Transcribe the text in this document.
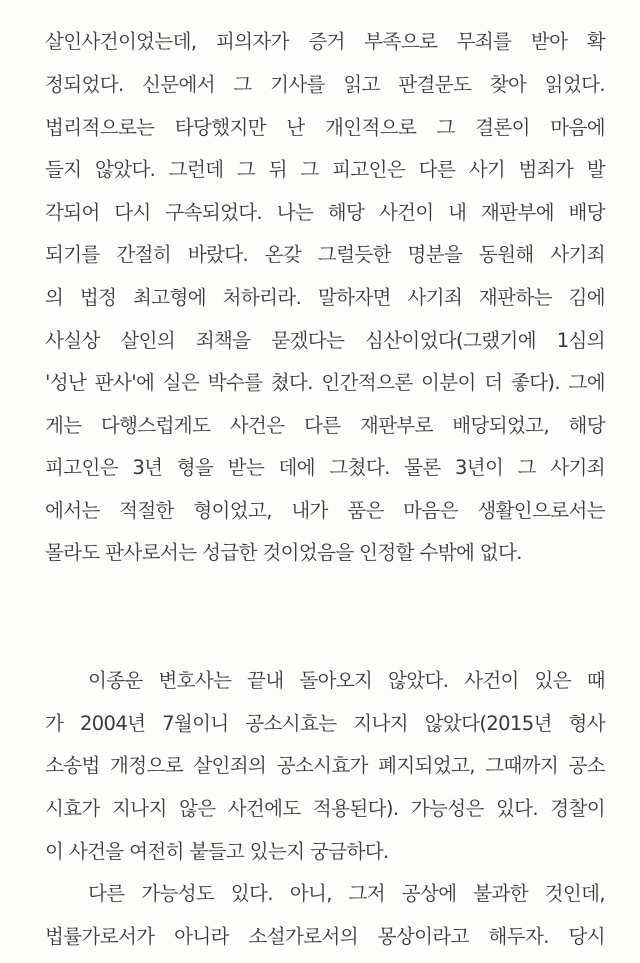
살인사건이었는데, 피의자가 증거 부족으로 무죄를 받아 확
정되었다. 신문에서 그 기사를 읽고 판결문도 찾아 읽었다.
법리적으로는 타당했지만 난 개인적으로 그 결론이 마음에
들지 않았다. 그런데 그 뒤 그 피고인은 다른 사기 범죄가 발
각되어 다시 구속되었다. 나는 해당 사건이 내 재판부에 배당
되기를 간절히 바랐다. 온갖 그럴듯한 명분을 동원해 사기죄
의 법정 최고형에 처하리라. 말하자면 사기죄 재판하는 김에
사실상 살인의 죄책을 묻겠다는 심산이었다(그랬기에 1심의
'성난 판사'에 실은 박수를 쳤다. 인간적으론 이분이 더 좋다). 그에
게는 다행스럽게도 사건은 다른 재판부로 배당되었고, 해당
피고인은 3년 형을 받는 데에 그쳤다. 물론 3년이 그 사기죄
에서는 적절한 형이었고, 내가 품은 마음은 생활인으로서는
몰라도 판사로서는 성급한 것이었음을 인정할 수밖에 없다.
이종운 변호사는 끝내 돌아오지 않았다. 사건이 있은 때
가 2004년 7월이니 공소시효는 지나지 않았다(2015년 형사
소송법 개정으로 살인죄의 공소시효가 폐지되었고, 그때까지 공소
시효가 지나지 않은 사건에도 적용된다). 가능성은 있다. 경찰이
이 사건을 여전히 붙들고 있는지 궁금하다.
다른 가능성도 있다. 아니, 그저 공상에 불과한 것인데,
법률가로서가 아니라 소설가로서의 몽상이라고 해두자. 당시
